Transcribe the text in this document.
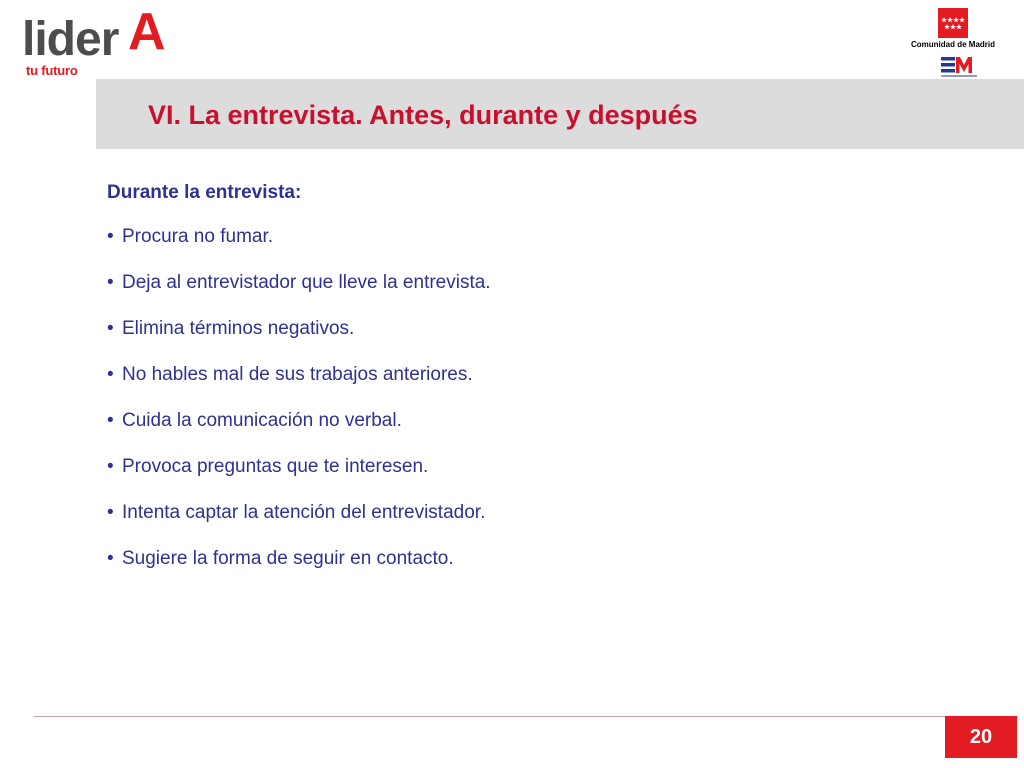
lider A
tu futuro
Comunidad de Madrid
VI. La entrevista. Antes, durante y después
Durante la entrevista:
• Procura no fumar.
• Deja al entrevistador que lleve la entrevista.
• Elimina términos negativos.
• No hables mal de sus trabajos anteriores.
• Cuida la comunicación no verbal.
• Provoca preguntas que te interesen.
• Intenta captar la atención del entrevistador.
• Sugiere la forma de seguir en contacto.
20
